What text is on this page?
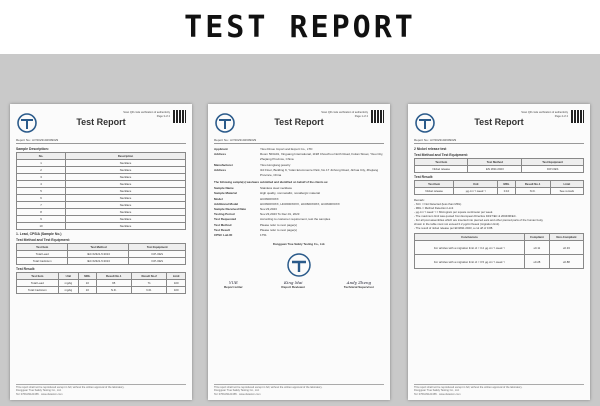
TEST REPORT
Test Report
Scan QR code verification of authenticity
Page 3 of 4
Report No.: A7/2023102609029
Sample Description:
No.	Description
1	Necklace
2	Necklace
3	Necklace
4	Necklace
5	Necklace
6	Necklace
7	Necklace
8	Necklace
9	Necklace
10	Necklace
1. Lead, CPSIA (Sample No.)
Test Method and Test Equipment:
Test Item	Test Method	Test Equipment
Total Lead	IEC 62321-5:2013	ICP-OES
Total Cadmium	IEC 62321-5:2013	ICP-OES
Test Result:
Test Item	Unit	MDL	Result No.1	Result No.2	Limit
Total Lead	mg/kg	10	95	71	100
Total Cadmium	mg/kg	10	N.D.	N.D.	100
This report shall not be reproduced except in full, without the written approval of the laboratory.
Dongguan True Safety Testing Co., Ltd.
Tel: 0769-81121365 · www.dstestcn.com
Test Report
Scan QR code verification of authenticity
Page 1 of 4
Report No.: A7/2023102609029
Applicant	Yiwu Dinuo Import and Export Co., LTD
Address	Room 503A01, Xinguang International, 1198 Chouzhou North Road, Futian Street, Yiwu City, Zhejiang Province, China
Manufacturer	Yiwu Hongtang jewelry
Address	3rd Floor, Building 9, Yulan Ecommerce Park, No.17 Jinhong Road, Jinhua City, Zhejiang Province, China
The following sample(s) was/were submitted and identified on behalf of the clients as:
Sample Name	Stainless steel necklace
Sample Material	High quality, nonmetallic, nonallergic material
Model	HC0600X0XX
Additional Model	HC0600X0XX, HC0600X0XX, HC0600X0XX, HC0600X0XX
Sample Received Date	Nov.23,2023
Testing Period	Nov.23,2023 To Dec.01, 2023
Test Requested	According to customer requirement, test the samples
Test Method	Please refer to next page(s)
Test Result	Please refer to next page(s)
CPSC Lab ID	1751
Dongguan True Safety Testing Co., Ltd.
YUE
Report writer
King Mai
Report Reviewer
Andy Zheng
Technical Supervisor
This report shall not be reproduced except in full, without the written approval of the laboratory.
Dongguan True Safety Testing Co., Ltd.
Tel: 0769-81121365 · www.dstestcn.com
Test Report
Scan QR code verification of authenticity
Page 4 of 4
Report No.: A7/2023102609029
2 Nickel release test
Test Method and Test Equipment:
Test Item	Test Method	Test Equipment
Nickel release	EN 1811:2023	ICP-OES
Test Result:
Test Item	Unit	MDL	Result No.1	Limit
Nickel release	µg·cm⁻²·week⁻¹	0.10	N.D.	See remark
Remark:
- N.D. = Not Detected (less than MDL)
- MDL = Method Detection Limit
- µg·cm⁻²·week⁻¹ = Microgram per square centimeter per week.
- The maximum limit was quoted from European Directive 94/27/EC & 2004/96/EC.
- For all post assemblies which are inserted into pierced ears and other pierced parts of the human body,
shown in the table must not exceed 0.2 µg/cm²/week (migration limit).
- The result of nickel release per EN1811:2023, a cut off of 0.88.
Conclusions	Compliant	Non-Compliant
For articles with a migration limit of < 0.2 µg·cm⁻²·week⁻¹	≤0.11	≥0.33
For articles with a migration limit of < 0.5 µg·cm⁻²·week⁻¹	≤0.28	≥0.88
This report shall not be reproduced except in full, without the written approval of the laboratory.
Dongguan True Safety Testing Co., Ltd.
Tel: 0769-81121365 · www.dstestcn.com
